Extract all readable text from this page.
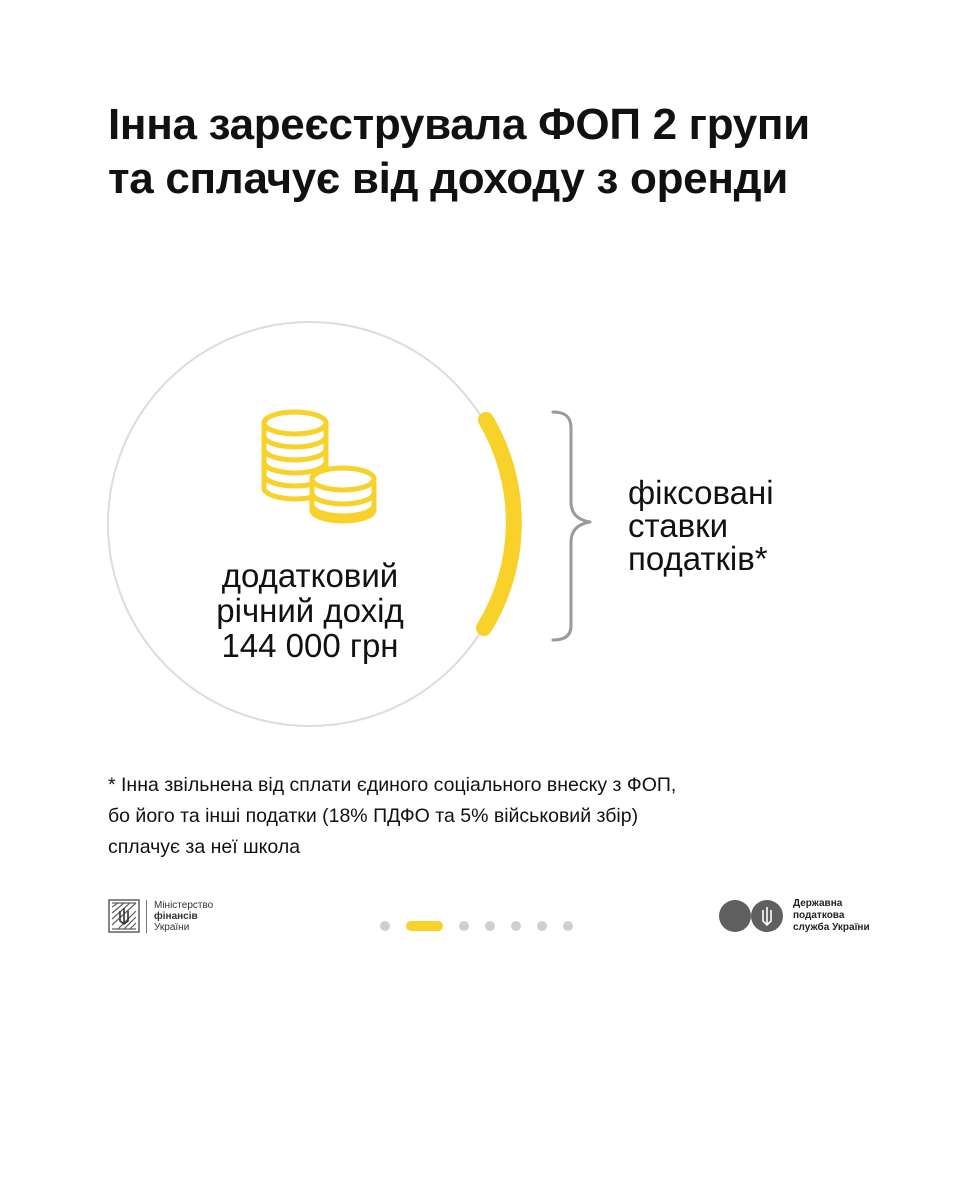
Інна зареєструвала ФОП 2 групи
та сплачує від доходу з оренди
додатковий
річний дохід
144 000 грн
фіксовані
ставки
податків*
* Інна звільнена від сплати єдиного соціального внеску з ФОП,
бо його та інші податки (18% ПДФО та 5% військовий збір)
сплачує за неї школа
Міністерство
фінансів
України
Державна
податкова
служба України
